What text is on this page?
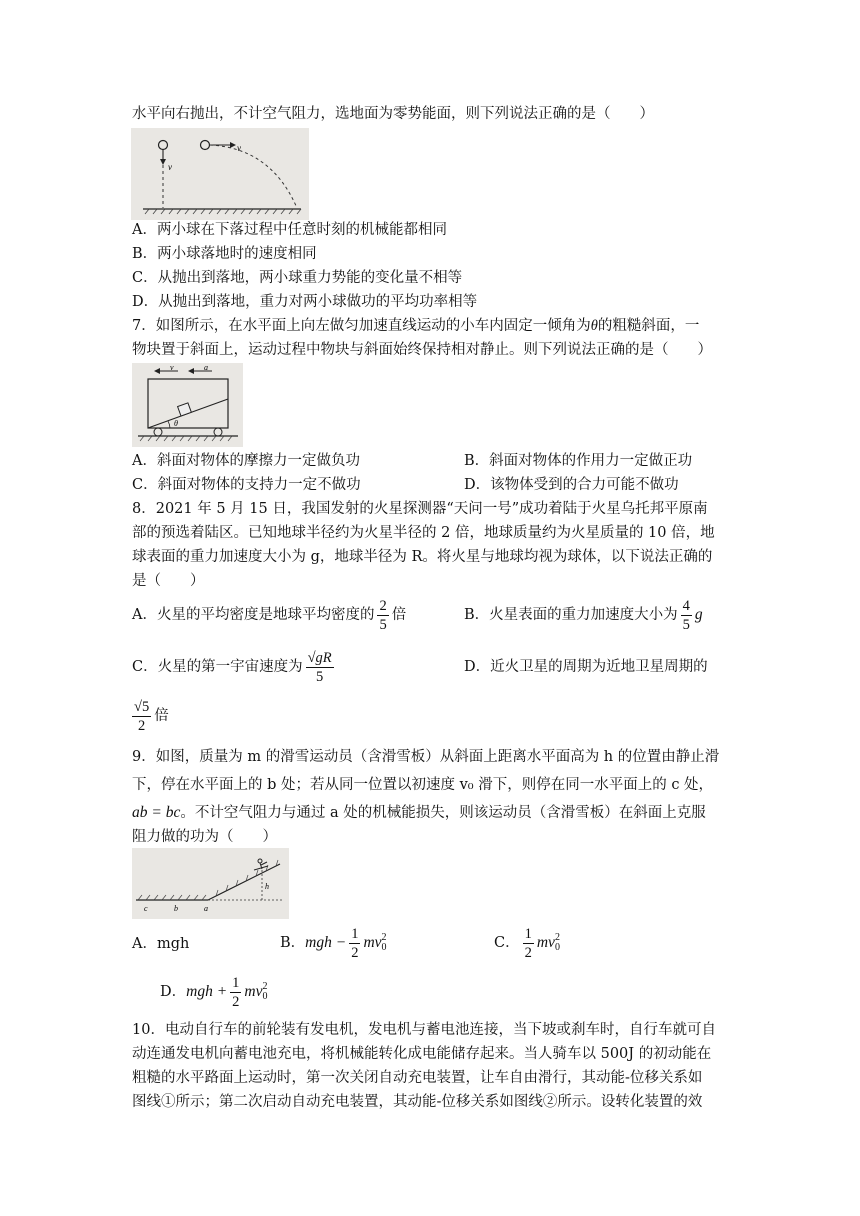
水平向右抛出，不计空气阻力，选地面为零势能面，则下列说法正确的是（　　）
v
v
A．两小球在下落过程中任意时刻的机械能都相同
B．两小球落地时的速度相同
C．从抛出到落地，两小球重力势能的变化量不相等
D．从抛出到落地，重力对两小球做功的平均功率相等
7．如图所示，在水平面上向左做匀加速直线运动的小车内固定一倾角为θ的粗糙斜面，一
物块置于斜面上，运动过程中物块与斜面始终保持相对静止。则下列说法正确的是（　　）
v	a
θ
A．斜面对物体的摩擦力一定做负功	B．斜面对物体的作用力一定做正功
C．斜面对物体的支持力一定不做功	D．该物体受到的合力可能不做功
8．2021 年 5 月 15 日，我国发射的火星探测器“天问一号”成功着陆于火星乌托邦平原南
部的预选着陆区。已知地球半径约为火星半径的 2 倍，地球质量约为火星质量的 10 倍，地
球表面的重力加速度大小为 g，地球半径为 R。将火星与地球均视为球体，以下说法正确的
是（　　）
A．火星的平均密度是地球平均密度的 $\frac{2}{5}$ 倍	B．火星表面的重力加速度大小为 $\frac{4}{5}$ g
C．火星的第一宇宙速度为 $\frac{√gR}{5}$	D．近火卫星的周期为近地卫星周期的
$\frac{√5}{2}$ 倍
9．如图，质量为 m 的滑雪运动员（含滑雪板）从斜面上距离水平面高为 h 的位置由静止滑
下，停在水平面上的 b 处；若从同一位置以初速度 v₀ 滑下，则停在同一水平面上的 c 处，
ab = bc。不计空气阻力与通过 a 处的机械能损失，则该运动员（含滑雪板）在斜面上克服
阻力做的功为（　　）
h
c	b	a
A．mgh	B．mgh − $\frac{1}{2}$ mv 2
0	C． $\frac{1}{2}$ mv 2
0
D．mgh + $\frac{1}{2}$ mv 2
0
10．电动自行车的前轮装有发电机，发电机与蓄电池连接，当下坡或刹车时，自行车就可自
动连通发电机向蓄电池充电，将机械能转化成电能储存起来。当人骑车以 500J 的初动能在
粗糙的水平路面上运动时，第一次关闭自动充电装置，让车自由滑行，其动能-位移关系如
图线①所示；第二次启动自动充电装置，其动能-位移关系如图线②所示。设转化装置的效
